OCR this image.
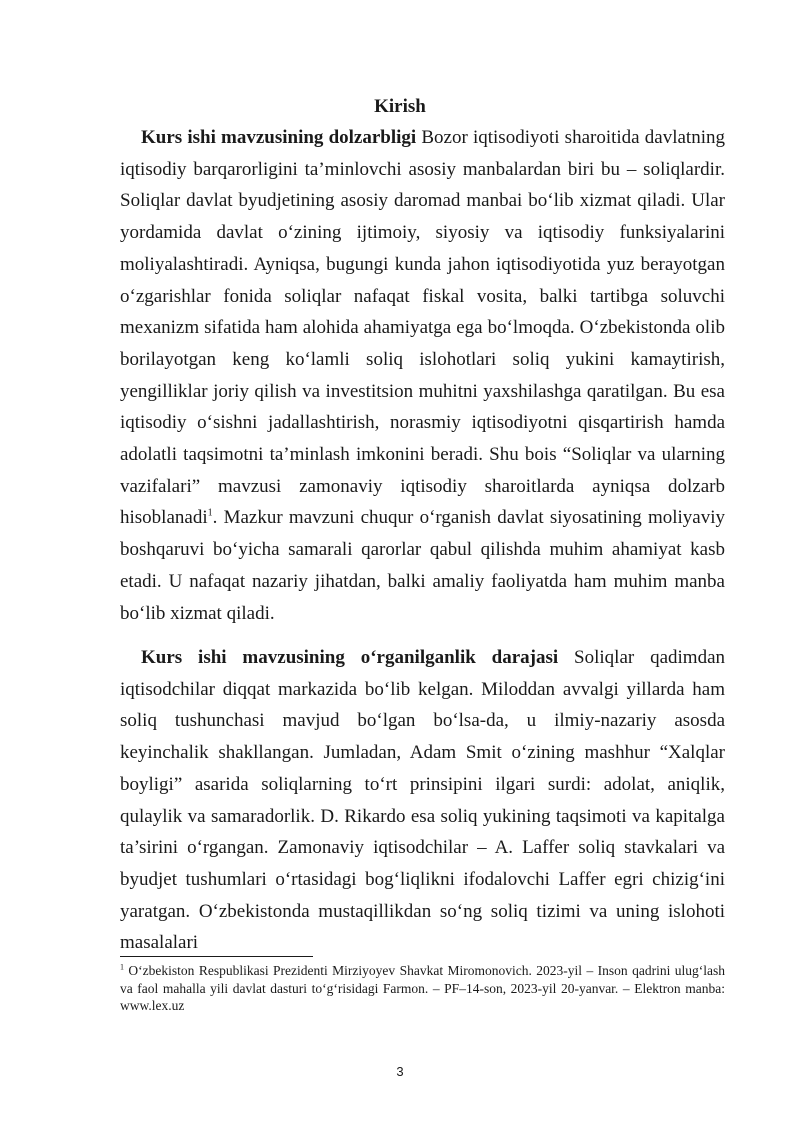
Kirish

Kurs ishi mavzusining dolzarbligi Bozor iqtisodiyoti sharoitida davlatning iqtisodiy barqarorligini ta’minlovchi asosiy manbalardan biri bu – soliqlardir. Soliqlar davlat byudjetining asosiy daromad manbai bo‘lib xizmat qiladi. Ular yordamida davlat o‘zining ijtimoiy, siyosiy va iqtisodiy funksiyalarini moliyalashtiradi. Ayniqsa, bugungi kunda jahon iqtisodiyotida yuz berayotgan o‘zgarishlar fonida soliqlar nafaqat fiskal vosita, balki tartibga soluvchi mexanizm sifatida ham alohida ahamiyatga ega bo‘lmoqda. O‘zbekistonda olib borilayotgan keng ko‘lamli soliq islohotlari soliq yukini kamaytirish, yengilliklar joriy qilish va investitsion muhitni yaxshilashga qaratilgan. Bu esa iqtisodiy o‘sishni jadallashtirish, norasmiy iqtisodiyotni qisqartirish hamda adolatli taqsimotni ta’minlash imkonini beradi. Shu bois “Soliqlar va ularning vazifalari” mavzusi zamonaviy iqtisodiy sharoitlarda ayniqsa dolzarb hisoblanadi$^1$. Mazkur mavzuni chuqur o‘rganish davlat siyosatining moliyaviy boshqaruvi bo‘yicha samarali qarorlar qabul qilishda muhim ahamiyat kasb etadi. U nafaqat nazariy jihatdan, balki amaliy faoliyatda ham muhim manba bo‘lib xizmat qiladi.

Kurs ishi mavzusining o‘rganilganlik darajasi Soliqlar qadimdan iqtisodchilar diqqat markazida bo‘lib kelgan. Miloddan avvalgi yillarda ham soliq tushunchasi mavjud bo‘lgan bo‘lsa-da, u ilmiy-nazariy asosda keyinchalik shakllangan. Jumladan, Adam Smit o‘zining mashhur “Xalqlar boyligi” asarida soliqlarning to‘rt prinsipini ilgari surdi: adolat, aniqlik, qulaylik va samaradorlik. D. Rikardo esa soliq yukining taqsimoti va kapitalga ta’sirini o‘rgangan. Zamonaviy iqtisodchilar – A. Laffer soliq stavkalari va byudjet tushumlari o‘rtasidagi bog‘liqlikni ifodalovchi Laffer egri chizig‘ini yaratgan. O‘zbekistonda mustaqillikdan so‘ng soliq tizimi va uning islohoti masalalari

$^1$ O‘zbekiston Respublikasi Prezidenti Mirziyoyev Shavkat Miromonovich. 2023-yil – Inson qadrini ulug‘lash va faol mahalla yili davlat dasturi to‘g‘risidagi Farmon. – PF–14-son, 2023-yil 20-yanvar. – Elektron manba: www.lex.uz

3
